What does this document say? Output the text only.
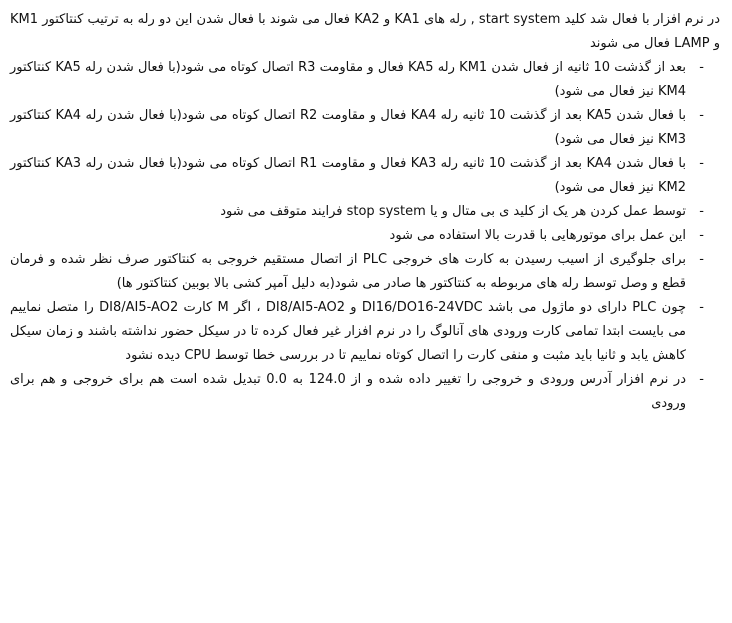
در نرم افزار با فعال شد کلید start system , رله های KA1 و KA2 فعال می شوند با فعال شدن این دو رله به ترتیب کنتاکتور KM1 و LAMP فعال می شوند

-
بعد از گذشت 10 ثانیه از فعال شدن KM1 رله KA5 فعال و مقاومت R3 اتصال کوتاه می شود(با فعال شدن رله KA5 کنتاکتور KM4 نیز فعال می شود)
-
با فعال شدن KA5 بعد از گذشت 10 ثانیه رله KA4 فعال و مقاومت R2 اتصال کوتاه می شود(با فعال شدن رله KA4 کنتاکتور KM3 نیز فعال می شود)
-
با فعال شدن KA4 بعد از گذشت 10 ثانیه رله KA3 فعال و مقاومت R1 اتصال کوتاه می شود(با فعال شدن رله KA3 کنتاکتور KM2 نیز فعال می شود)
-
توسط عمل کردن هر یک از کلید ی بی متال و یا stop system فرایند متوقف می شود
-
این عمل برای موتورهایی با قدرت بالا استفاده می شود
-
برای جلوگیری از اسیب رسیدن به کارت های خروجی PLC از اتصال مستقیم خروجی به کنتاکتور صرف نظر شده و فرمان قطع و وصل توسط رله های مربوطه به کنتاکتور ها صادر می شود(به دلیل آمپر کشی بالا بوبین کنتاکتور ها)
-
چون PLC دارای دو ماژول می باشد DI16/DO16-24VDC و DI8/AI5-AO2 ، اگر M کارت DI8/AI5-AO2 را متصل نماییم می بایست ابتدا تمامی کارت ورودی های آنالوگ را در نرم افزار غیر فعال کرده تا در سیکل حضور نداشته باشند و زمان سیکل کاهش یابد و ثانیا باید مثبت و منفی کارت را اتصال کوتاه نماییم تا در بررسی خطا توسط CPU دیده نشود
-
در نرم افزار آدرس ورودی و خروجی را تغییر داده شده و از 124.0 به 0.0 تبدیل شده است هم برای خروجی و هم برای ورودی
